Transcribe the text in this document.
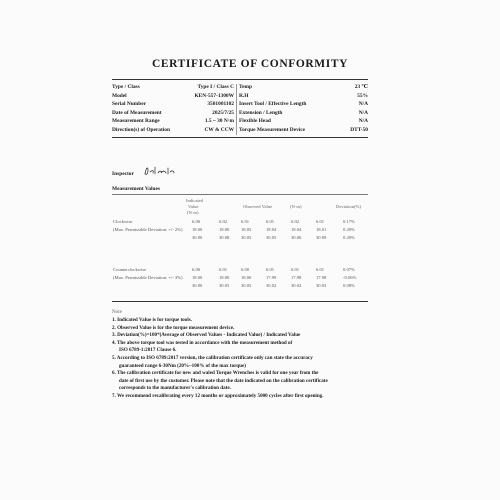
CERTIFICATE OF CONFORMITY
Type / Class	Type I / Class C Temp	23 ℃
Model	KEN-557-1300W R.H	55%
Serial Number	3501001102 Insert Tool / Effective Length	N/A
Date of Measurement	2025/7/25 Extension / Length	N/A
Measurement Range	1.5 ~ 30 N·m Flexible Head	N/A
Direction(s) of Operation	CW & CCW Torque Measurement Device	DTT-50
Inspector
Measurement Values
Indicated
Value
(N·m)
Observed Value	(N·m)	Deviation(%)
Clockwise
(Max. Permissible Deviation: +/- 2%)
6.00	6.02	6.01	6.01	6.02	6.01	0.17%
18.00	18.00	18.05	18.04	18.04	18.01	0.20%
30.00	30.08	30.05	30.05	30.06	30.09	0.20%
Counterclockwise
(Max. Permissible Deviation: +/- 3%)
6.00	6.01	6.00	6.01	6.01	6.01	0.07%
18.00	18.00	18.00	17.99	17.98	17.98	-0.06%
30.00	30.05	30.05	30.02	30.02	30.03	0.08%
Note
1. Indicated Value is for torque tools.
2. Observed Value is for the torque measurement device.
3. Deviation(%)=100*(Average of Observed Values - Indicated Value) / Indicated Value
4. The above torque tool was tested in accordance with the measurement method of
ISO 6789-1:2017 Clause 6.
5. According to ISO 6789:2017 version, the calibration certificate only can state the accuracy
guaranteed range 6-30Nm (20%~100% of the max torque)
6. The calibration certificate for new and waled Torque Wrenches is valid for one year from the
date of first use by the customer. Please note that the date indicated on the calibration certificate
corresponds to the manufacturer's calibration date.
7. We recommend recalibrating every 12 months or approximately 5000 cycles after first opening.
